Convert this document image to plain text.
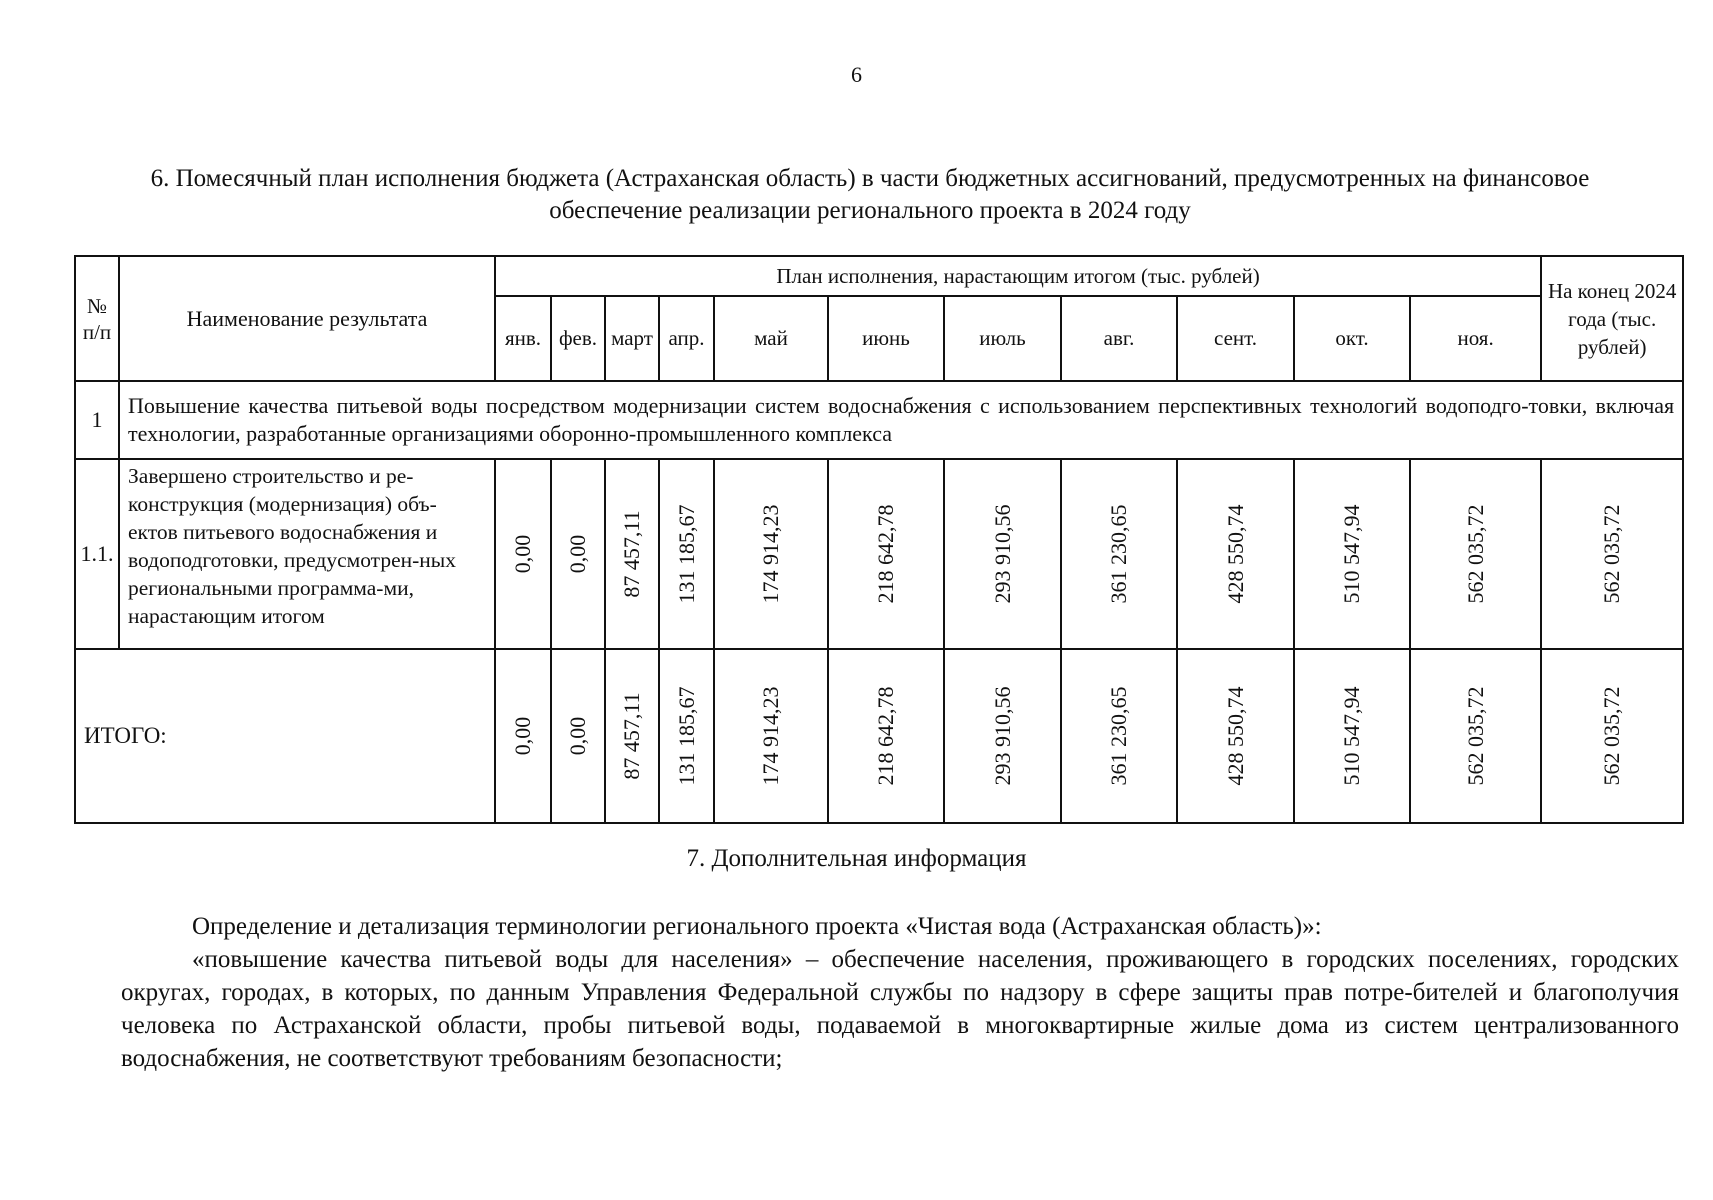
6
6. Помесячный план исполнения бюджета (Астраханская область) в части бюджетных ассигнований, предусмотренных на финансовое обеспечение реализации регионального проекта в 2024 году
№ п/п	Наименование результата	План исполнения, нарастающим итогом (тыс. рублей)											На конец 2024 года (тыс. рублей)
		янв.	фев.	март	апр.	май	июнь	июль	авг.	сент.	окт.	ноя.	
1	Повышение качества питьевой воды посредством модернизации систем водоснабжения с использованием перспективных технологий водоподго-товки, включая технологии, разработанные организациями оборонно-промышленного комплекса												
1.1.	Завершено строительство и ре-конструкция (модернизация) объ-ектов питьевого водоснабжения и водоподготовки, предусмотрен-ных региональными программа-ми, нарастающим итогом	0,00	0,00	87 457,11	131 185,67	174 914,23	218 642,78	293 910,56	361 230,65	428 550,74	510 547,94	562 035,72	562 035,72

ИТОГО:		0,00	0,00	87 457,11	131 185,67	174 914,23	218 642,78	293 910,56	361 230,65	428 550,74	510 547,94	562 035,72	562 035,72
7. Дополнительная информация

Определение и детализация терминологии регионального проекта «Чистая вода (Астраханская область)»:

«повышение качества питьевой воды для населения» – обеспечение населения, проживающего в городских поселениях, городских округах, городах, в которых, по данным Управления Федеральной службы по надзору в сфере защиты прав потре-бителей и благополучия человека по Астраханской области, пробы питьевой воды, подаваемой в многоквартирные жилые дома из систем централизованного водоснабжения, не соответствуют требованиям безопасности;
